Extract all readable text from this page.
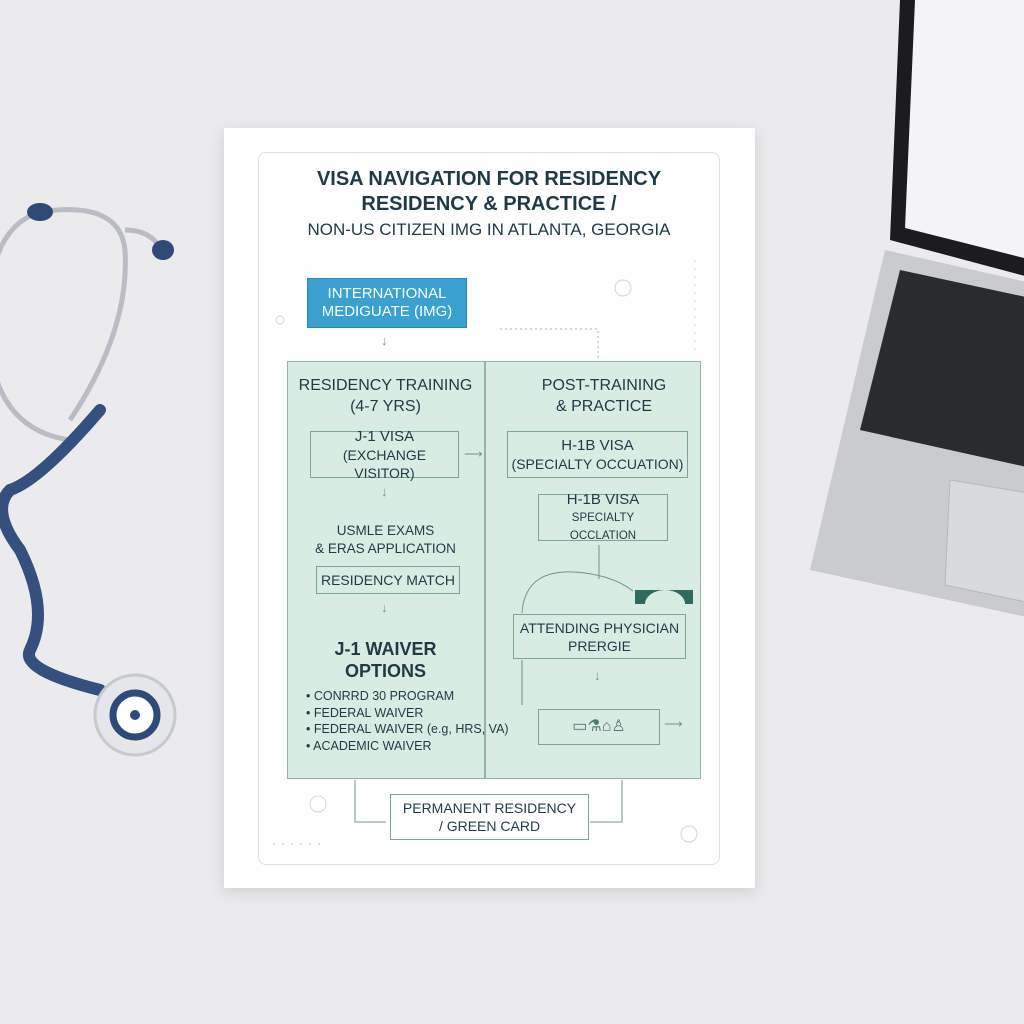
VISA NAVIGATION FOR RESIDENCY
RESIDENCY & PRACTICE /
NON-US CITIZEN IMG IN ATLANTA, GEORGIA
INTERNATIONAL
MEDIGUATE (IMG)
↓
RESIDENCY TRAINING
(4-7 YRS)
J-1 VISA
(EXCHANGE VISITOR)
⟶
↓
USMLE EXAMS
& ERAS APPLICATION
RESIDENCY MATCH
↓
J-1 WAIVER
OPTIONS
• CONRRD 30 PROGRAM
• FEDERAL WAIVER
• FEDERAL WAIVER (e.g, HRS, VA)
• ACADEMIC WAIVER
POST-TRAINING
& PRACTICE
H-1B VISA
(SPECIALTY OCCUATION)
H-1B VISA
SPECIALTY OCCLATION
ATTENDING PHYSICIAN
PRERGIE
↓
▭⚗⌂♙	⟶
PERMANENT RESIDENCY
/ GREEN CARD
